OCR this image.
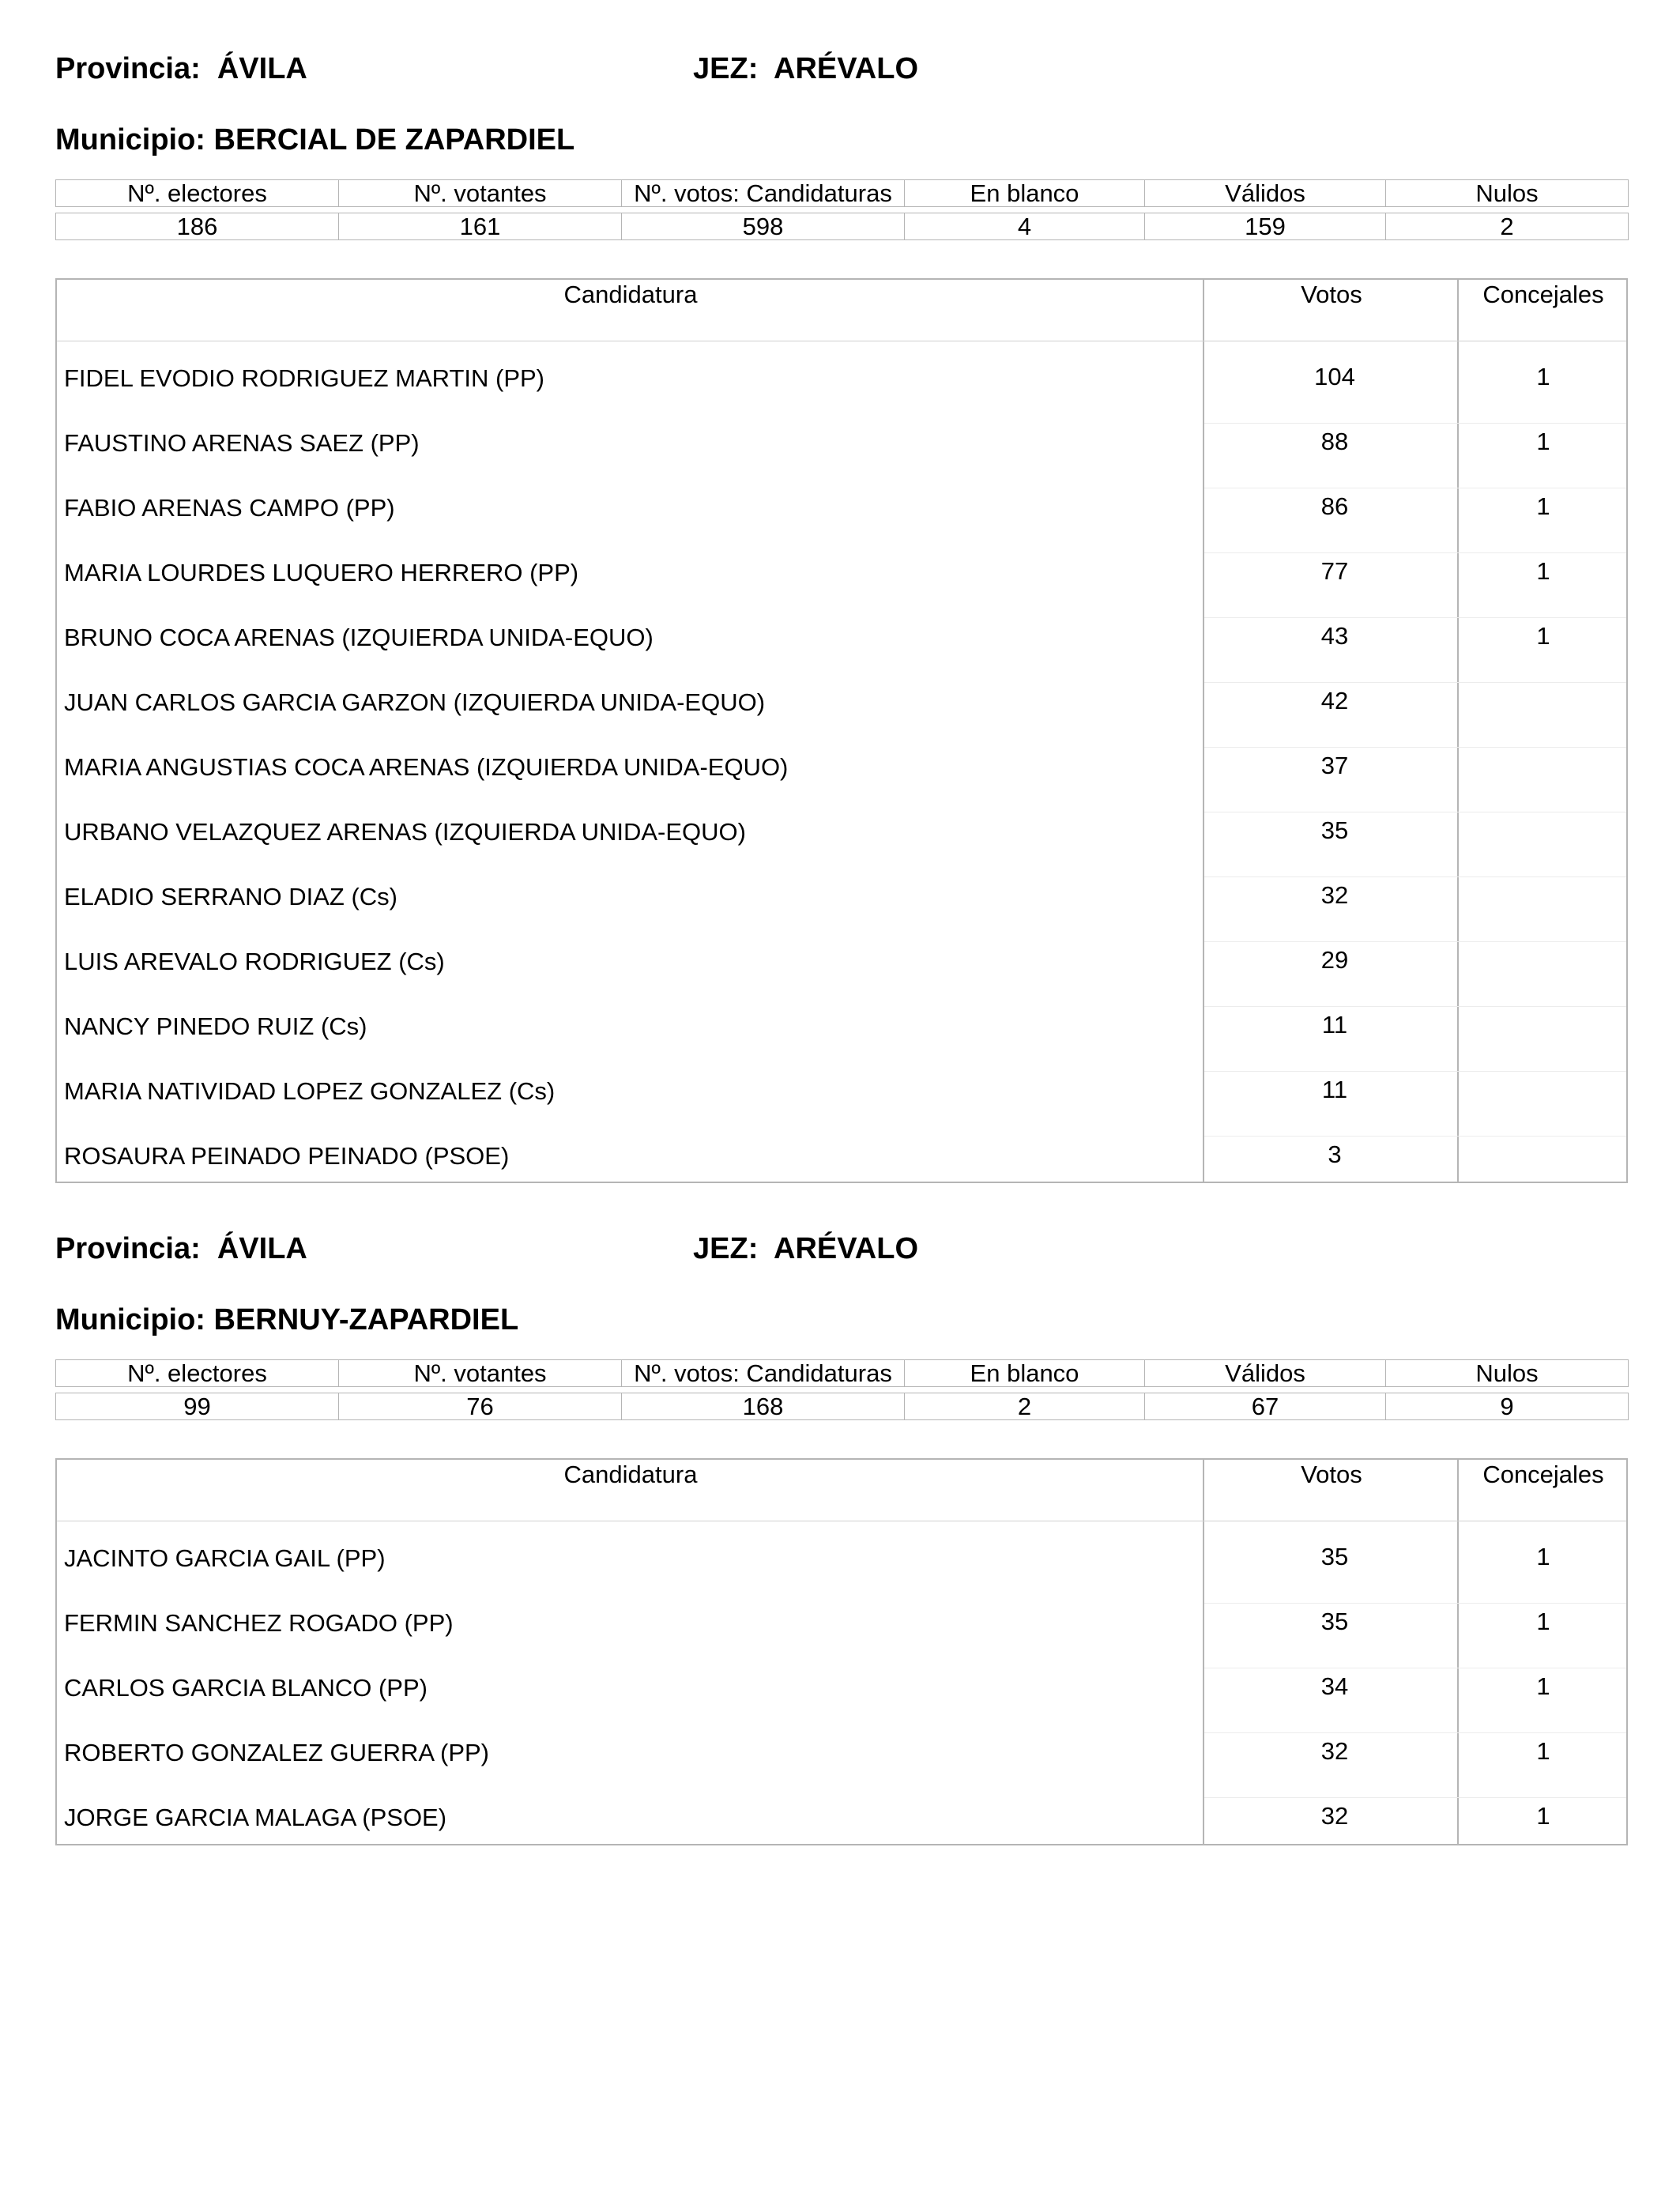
Provincia:  ÁVILA	JEZ:  ARÉVALO
Municipio: BERCIAL DE ZAPARDIEL
Nº. electores	Nº. votantes	Nº. votos: Candidaturas	En blanco	Válidos	Nulos

186	161	598	4	159	2
Candidatura	Votos	Concejales
FIDEL EVODIO RODRIGUEZ MARTIN (PP)	104	1
FAUSTINO ARENAS SAEZ (PP)	88	1
FABIO ARENAS CAMPO (PP)	86	1
MARIA LOURDES LUQUERO HERRERO (PP)	77	1
BRUNO COCA ARENAS (IZQUIERDA UNIDA-EQUO)	43	1
JUAN CARLOS GARCIA GARZON (IZQUIERDA UNIDA-EQUO)	42
MARIA ANGUSTIAS COCA ARENAS (IZQUIERDA UNIDA-EQUO)	37
URBANO VELAZQUEZ ARENAS (IZQUIERDA UNIDA-EQUO)	35
ELADIO SERRANO DIAZ (Cs)	32
LUIS AREVALO RODRIGUEZ (Cs)	29
NANCY PINEDO RUIZ (Cs)	11
MARIA NATIVIDAD LOPEZ GONZALEZ (Cs)	11
ROSAURA PEINADO PEINADO (PSOE)	3
Provincia:  ÁVILA	JEZ:  ARÉVALO
Municipio: BERNUY-ZAPARDIEL
Nº. electores	Nº. votantes	Nº. votos: Candidaturas	En blanco	Válidos	Nulos

99	76	168	2	67	9
Candidatura	Votos	Concejales
JACINTO GARCIA GAIL (PP)	35	1
FERMIN SANCHEZ ROGADO (PP)	35	1
CARLOS GARCIA BLANCO (PP)	34	1
ROBERTO GONZALEZ GUERRA (PP)	32	1
JORGE GARCIA MALAGA (PSOE)	32	1
